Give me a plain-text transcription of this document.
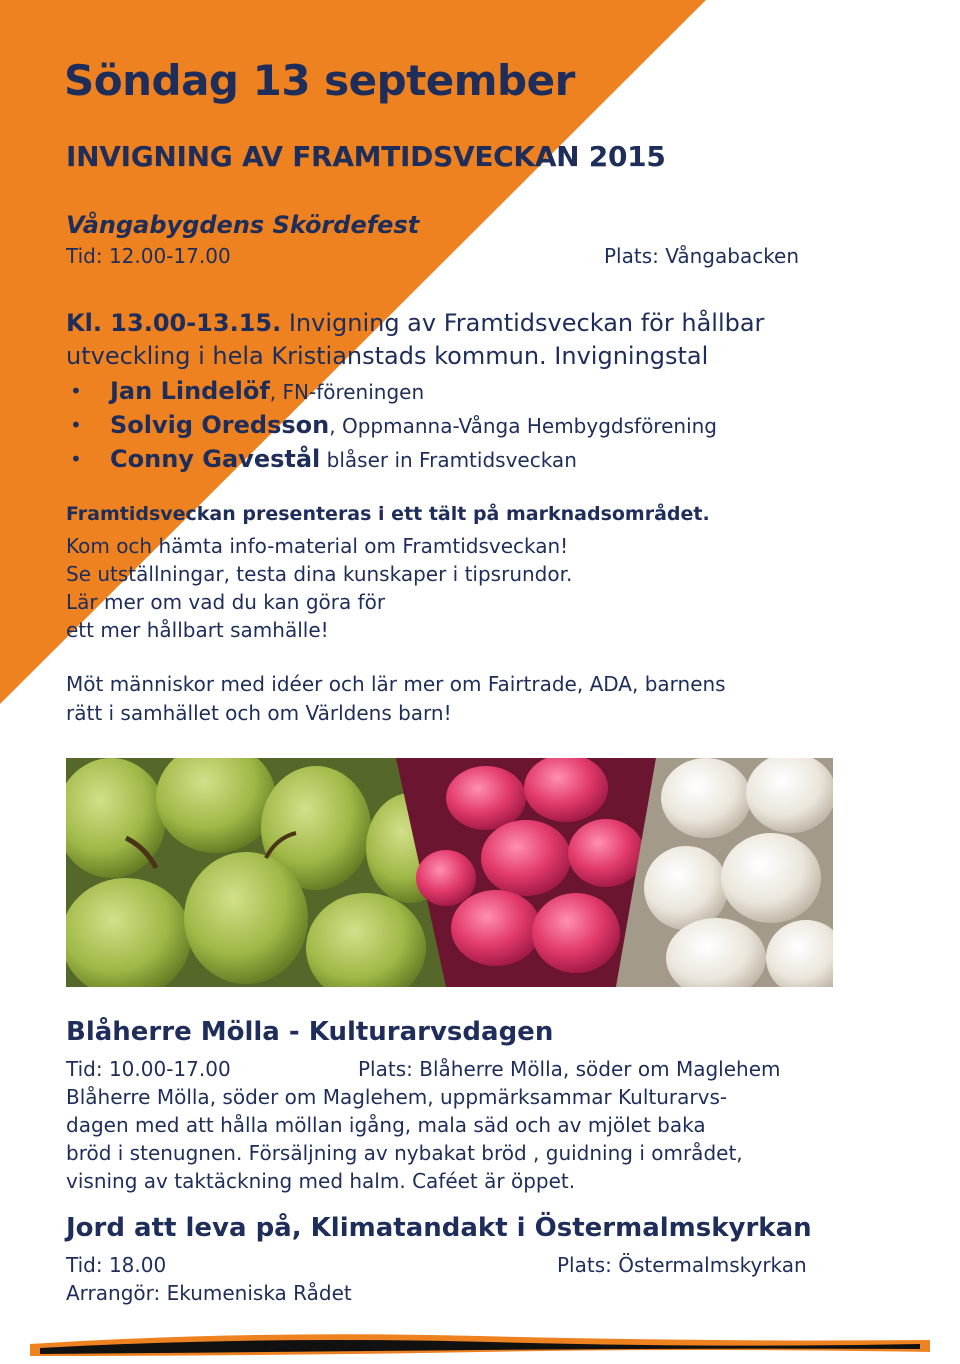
Söndag 13 september
INVIGNING AV FRAMTIDSVECKAN 2015
Vångabygdens Skördefest
Tid: 12.00-17.00	Plats: Vångabacken
Kl. 13.00-13.15. Invigning av Framtidsveckan för hållbar
utveckling i hela Kristianstads kommun. Invigningstal
• Jan Lindelöf, FN-föreningen
• Solvig Oredsson, Oppmanna-Vånga Hembygdsförening
• Conny Gavestål blåser in Framtidsveckan
Framtidsveckan presenteras i ett tält på marknadsområdet.
Kom och hämta info-material om Framtidsveckan!
Se utställningar, testa dina kunskaper i tipsrundor.
Lär mer om vad du kan göra för
ett mer hållbart samhälle!
Möt människor med idéer och lär mer om Fairtrade, ADA, barnens
rätt i samhället och om Världens barn!
Blåherre Mölla - Kulturarvsdagen
Tid: 10.00-17.00	Plats: Blåherre Mölla, söder om Maglehem
Blåherre Mölla, söder om Maglehem, uppmärksammar Kulturarvs-
dagen med att hålla möllan igång, mala säd och av mjölet baka
bröd i stenugnen. Försäljning av nybakat bröd , guidning i området,
visning av taktäckning med halm. Caféet är öppet.
Jord att leva på, Klimatandakt i Östermalmskyrkan
Tid: 18.00	Plats: Östermalmskyrkan
Arrangör: Ekumeniska Rådet
